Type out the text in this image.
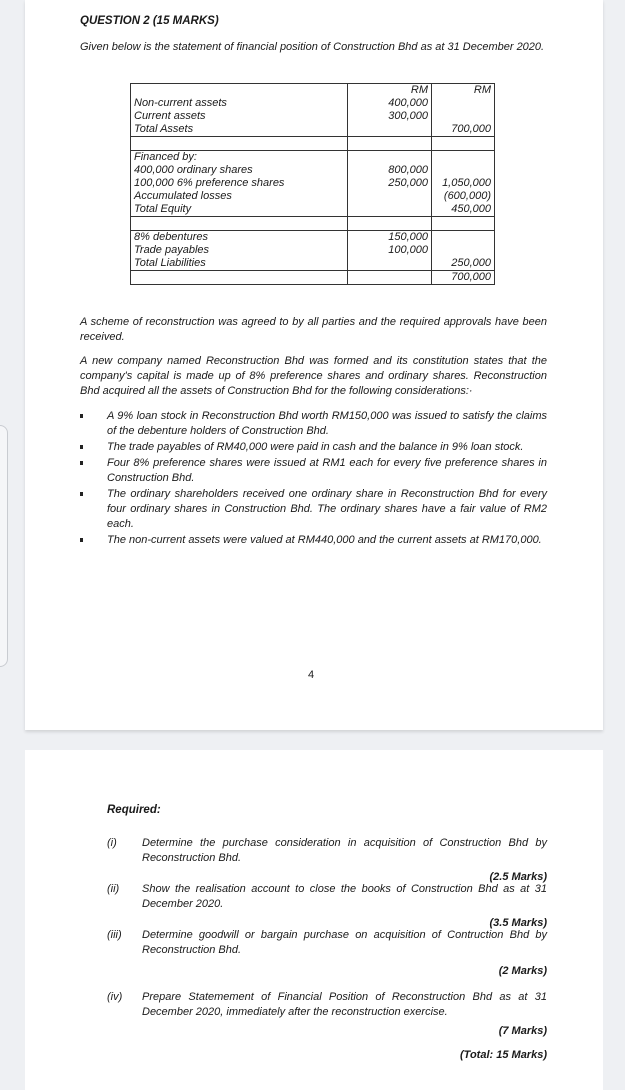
QUESTION 2 (15 MARKS)
Given below is the statement of financial position of Construction Bhd as at 31 December 2020.
	RM	RM
Non-current assets	400,000	
Current assets	300,000	
Total Assets		700,000

Financed by:		
400,000 ordinary shares	800,000	
100,000 6% preference shares	250,000	1,050,000
Accumulated losses		(600,000)
Total Equity		450,000

8% debentures	150,000	
Trade payables	100,000	
Total Liabilities		250,000
		700,000
A scheme of reconstruction was agreed to by all parties and the required approvals have been received.
A new company named Reconstruction Bhd was formed and its constitution states that the company's capital is made up of 8% preference shares and ordinary shares. Reconstruction Bhd acquired all the assets of Construction Bhd for the following considerations:·
A 9% loan stock in Reconstruction Bhd worth RM150,000 was issued to satisfy the claims of the debenture holders of Construction Bhd.
The trade payables of RM40,000 were paid in cash and the balance in 9% loan stock.
Four 8% preference shares were issued at RM1 each for every five preference shares in Construction Bhd.
The ordinary shareholders received one ordinary share in Reconstruction Bhd for every four ordinary shares in Construction Bhd. The ordinary shares have a fair value of RM2 each.
The non-current assets were valued at RM440,000 and the current assets at RM170,000.
4
Required:
(i) Determine the purchase consideration in acquisition of Construction Bhd by Reconstruction Bhd.
(2.5 Marks)
(ii) Show the realisation account to close the books of Construction Bhd as at 31 December 2020.
(3.5 Marks)
(iii) Determine goodwill or bargain purchase on acquisition of Contruction Bhd by Reconstruction Bhd.
(2 Marks)
(iv) Prepare Statemement of Financial Position of Reconstruction Bhd as at 31 December 2020, immediately after the reconstruction exercise.
(7 Marks)
(Total: 15 Marks)
